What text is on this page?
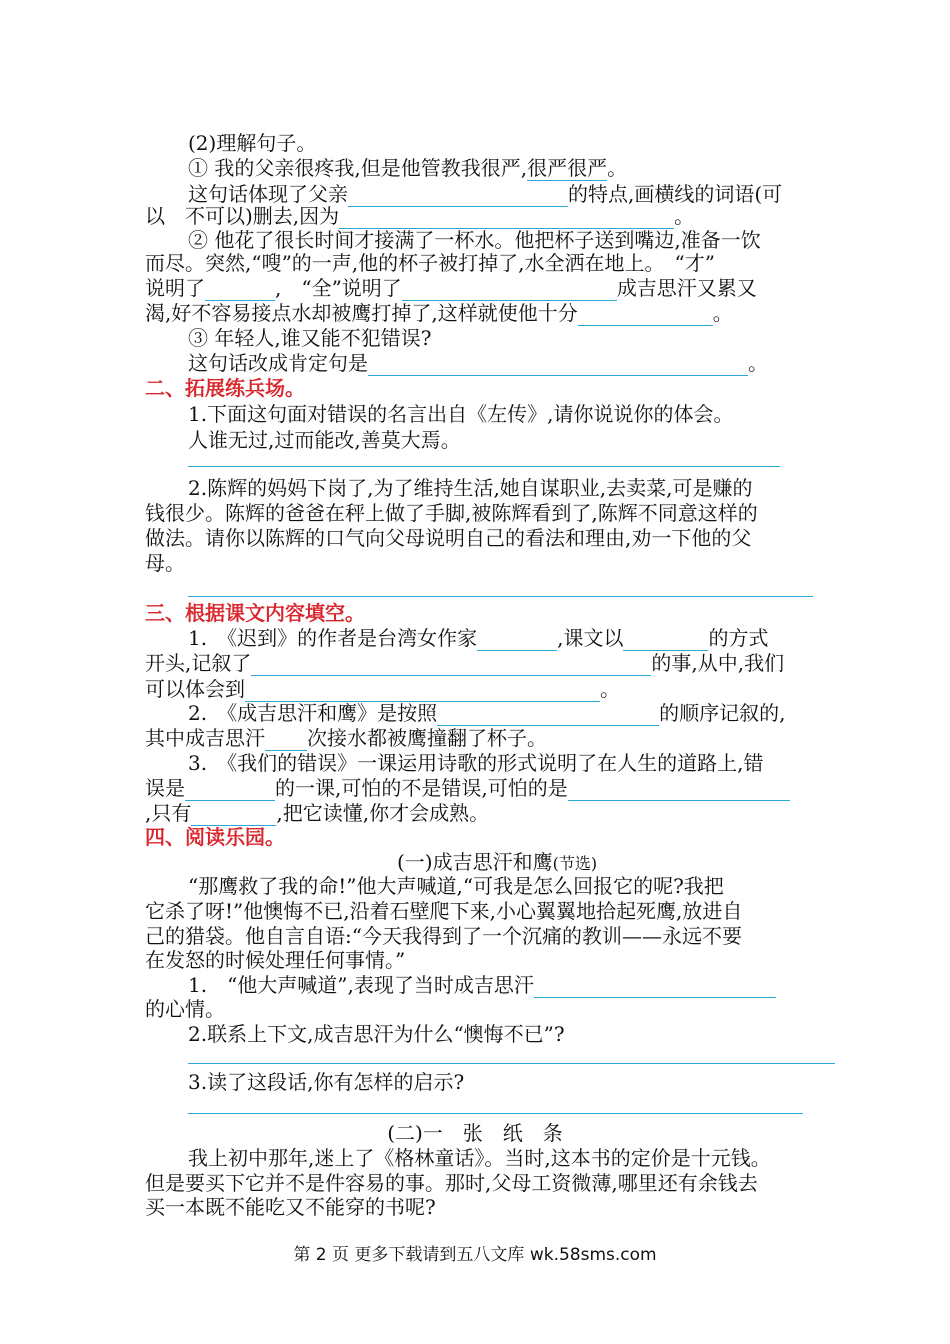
(2)理解句子。
① 我的父亲很疼我,但是他管教我很严,很严很严。
这句话体现了父亲	的特点,画横线的词语(可
以　不可以)删去,因为	。
② 他花了很长时间才接满了一杯水。他把杯子送到嘴边,准备一饮
而尽。突然,“嗖”的一声,他的杯子被打掉了,水全洒在地上。　“才”
说明了	,　“全”说明了	成吉思汗又累又
渴,好不容易接点水却被鹰打掉了,这样就使他十分	。
③ 年轻人,谁又能不犯错误?
这句话改成肯定句是	。
二、拓展练兵场。
1.下面这句面对错误的名言出自《左传》,请你说说你的体会。
人谁无过,过而能改,善莫大焉。
2.陈辉的妈妈下岗了,为了维持生活,她自谋职业,去卖菜,可是赚的
钱很少。陈辉的爸爸在秤上做了手脚,被陈辉看到了,陈辉不同意这样的
做法。请你以陈辉的口气向父母说明自己的看法和理由,劝一下他的父
母。
三、根据课文内容填空。
1.　《迟到》的作者是台湾女作家	,课文以	的方式
开头,记叙了	的事,从中,我们
可以体会到	。
2.　《成吉思汗和鹰》是按照	的顺序记叙的,
其中成吉思汗 次接水都被鹰撞翻了杯子。
3.　《我们的错误》一课运用诗歌的形式说明了在人生的道路上,错
误是	的一课,可怕的不是错误,可怕的是
,只有	,把它读懂,你才会成熟。
四、阅读乐园。
(一)成吉思汗和鹰(节选)
“那鹰救了我的命!”他大声喊道,“可我是怎么回报它的呢?我把
它杀了呀!”他懊悔不已,沿着石壁爬下来,小心翼翼地拾起死鹰,放进自
己的猎袋。他自言自语:“今天我得到了一个沉痛的教训——永远不要
在发怒的时候处理任何事情。”
1.　“他大声喊道”,表现了当时成吉思汗
的心情。
2.联系上下文,成吉思汗为什么“懊悔不已”?
3.读了这段话,你有怎样的启示?
(二)一　张　纸　条
我上初中那年,迷上了《格林童话》。当时,这本书的定价是十元钱。
但是要买下它并不是件容易的事。那时,父母工资微薄,哪里还有余钱去
买一本既不能吃又不能穿的书呢?
第 2 页 更多下载请到五八文库 wk.58sms.com
